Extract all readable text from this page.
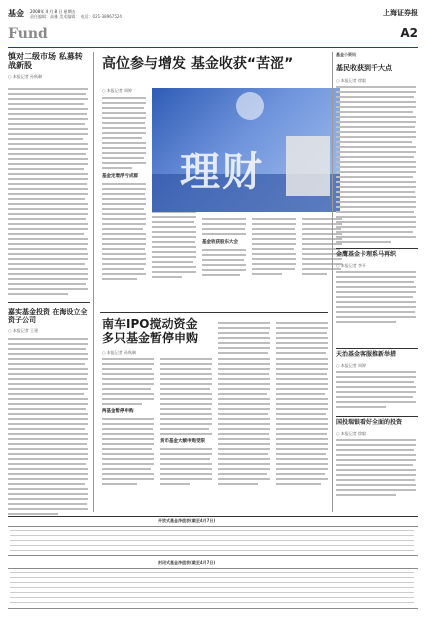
基金 2008年 4 月 8 日 星期五
责任编辑：高雅 美术编辑： 电话：021-38967524
Fund
上海证券报
A2
慎对二级市场 私募转战新股
○ 本报记者 孙秋琳
嘉实基金投资 在海设立全资子公司
○ 本报记者 王建
高位参与增发 基金收获“苦涩”
○ 本报记者 周婷
基金定增浮亏成群
基金收获股东大会
理财
南车IPO搅动资金
多只基金暂停申购
○ 本报记者 孙秋琳
两基金暂停申购
货币基金大额申购受限
基金小资讯
基民收获到千大点
○ 本报记者 徐毅
金鹰基金卡理系马再织
○ 本报记者 李开
天治基金客服推新举措
○ 本报记者 周婷
国投瑞银看好全面的投资
○ 本报记者 徐毅
开放式基金净值表(截至4月7日)
封闭式基金净值表(截至4月7日)
